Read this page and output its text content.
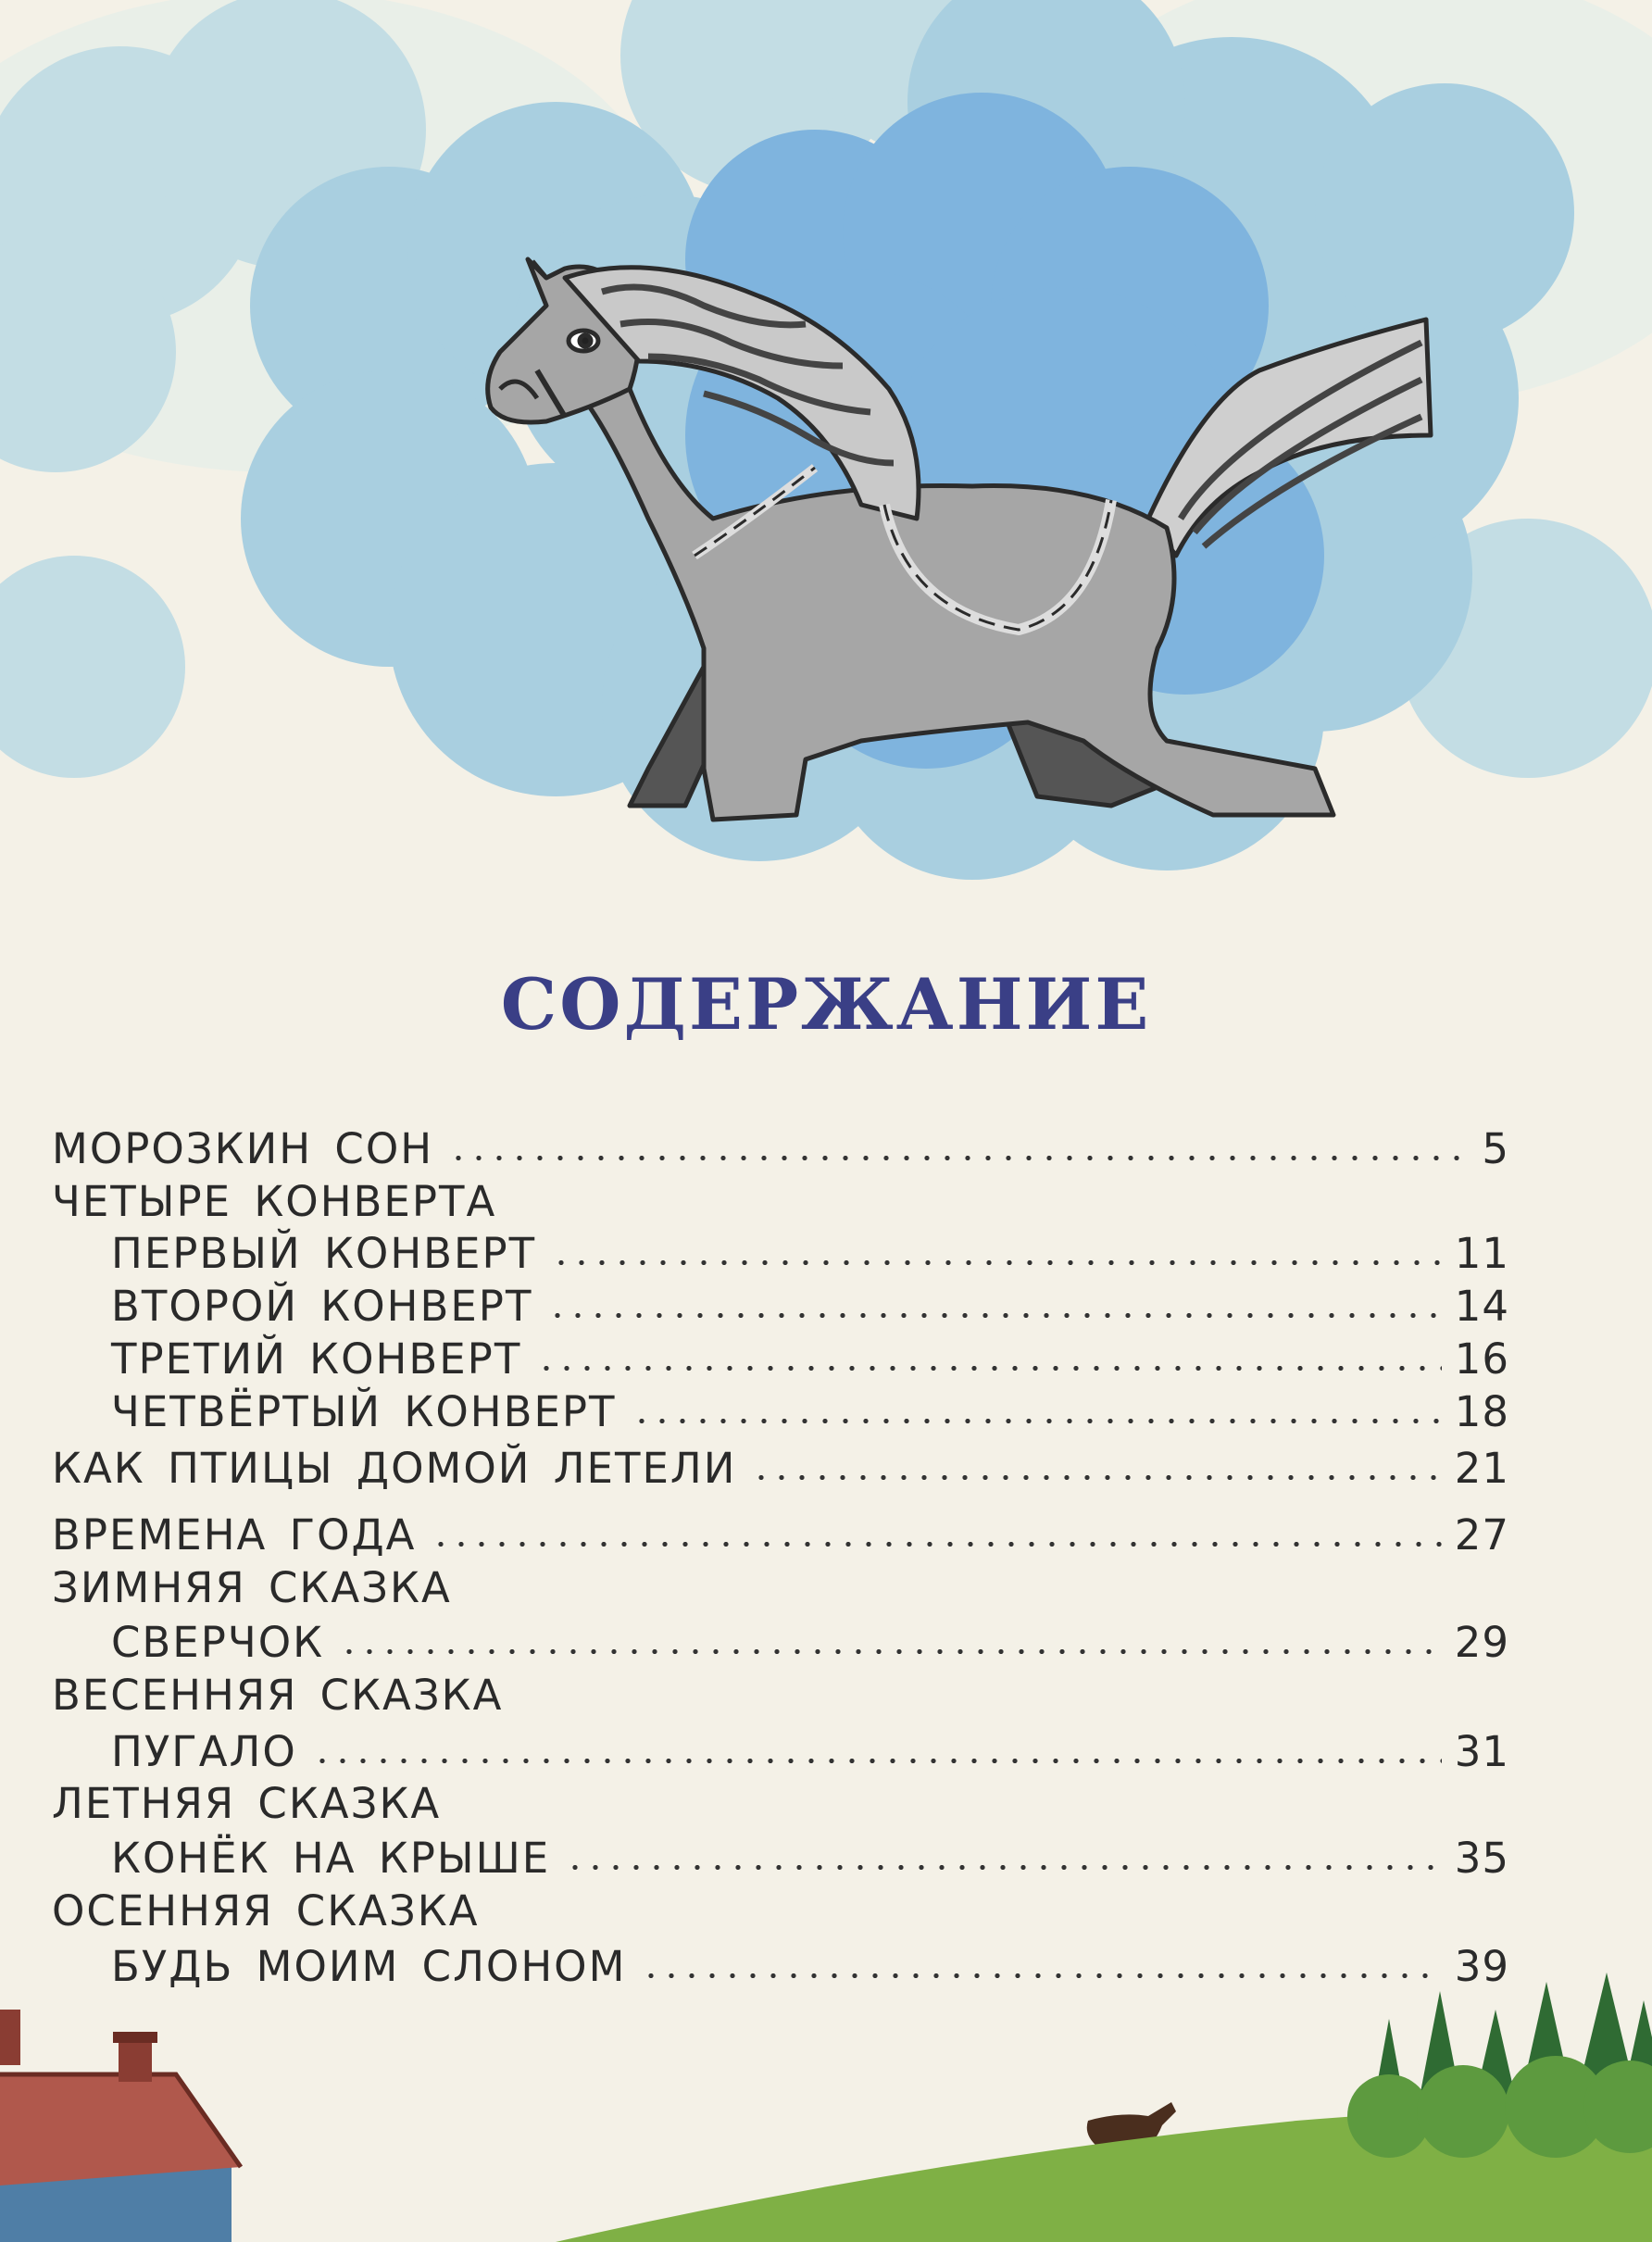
СОДЕРЖАНИЕ
МОРОЗКИН СОН	5
ЧЕТЫРЕ КОНВЕРТА
ПЕРВЫЙ КОНВЕРТ	11
ВТОРОЙ КОНВЕРТ	14
ТРЕТИЙ КОНВЕРТ	16
ЧЕТВЁРТЫЙ КОНВЕРТ	18
КАК ПТИЦЫ ДОМОЙ ЛЕТЕЛИ	21
ВРЕМЕНА ГОДА	27
ЗИМНЯЯ СКАЗКА
СВЕРЧОК	29
ВЕСЕННЯЯ СКАЗКА
ПУГАЛО	31
ЛЕТНЯЯ СКАЗКА
КОНЁК НА КРЫШЕ	35
ОСЕННЯЯ СКАЗКА
БУДЬ МОИМ СЛОНОМ	39
